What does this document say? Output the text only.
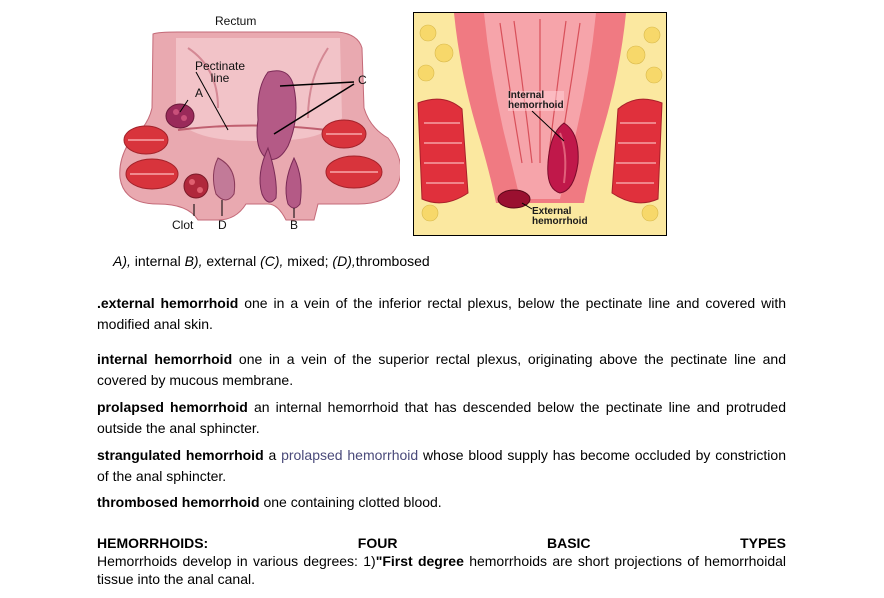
Rectum
Pectinate
line
A
C
Clot D	B
Internal
hemorrhoid
External
hemorrhoid
A), internal B), external (C), mixed; (D),thrombosed
.external hemorrhoid one in a vein of the inferior rectal plexus, below the pectinate line and covered with modified anal skin.
internal hemorrhoid one in a vein of the superior rectal plexus, originating above the pectinate line and covered by mucous membrane.
prolapsed hemorrhoid an internal hemorrhoid that has descended below the pectinate line and protruded outside the anal sphincter.
strangulated hemorrhoid a prolapsed hemorrhoid whose blood supply has become occluded by constriction of the anal sphincter.
thrombosed hemorrhoid one containing clotted blood.
HEMORRHOIDS:	FOUR	BASIC	TYPES
Hemorrhoids develop in various degrees: 1)"First degree hemorrhoids are short projections of hemorrhoidal tissue into the anal canal.
